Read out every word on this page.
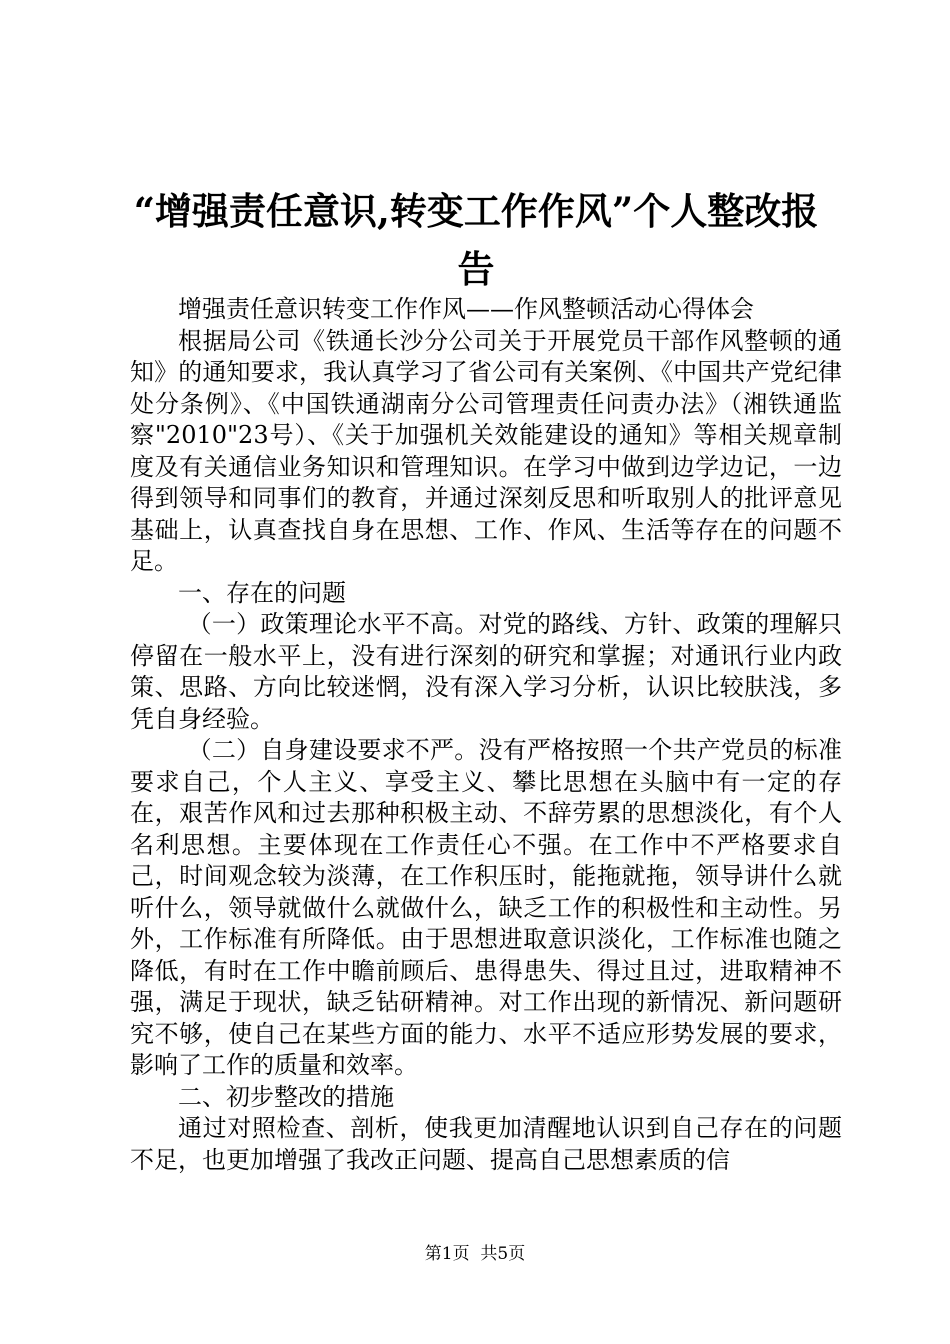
“增强责任意识,转变工作作风”个人整改报告

增强责任意识转变工作作风——作风整顿活动心得体会

根据局公司《铁通长沙分公司关于开展党员干部作风整顿的通知》的通知要求，我认真学习了省公司有关案例、《中国共产党纪律处分条例》、《中国铁通湖南分公司管理责任问责办法》（湘铁通监察"2010"23号）、《关于加强机关效能建设的通知》等相关规章制度及有关通信业务知识和管理知识。在学习中做到边学边记，一边得到领导和同事们的教育，并通过深刻反思和听取别人的批评意见基础上，认真查找自身在思想、工作、作风、生活等存在的问题不足。

一、存在的问题

（一）政策理论水平不高。对党的路线、方针、政策的理解只停留在一般水平上，没有进行深刻的研究和掌握；对通讯行业内政策、思路、方向比较迷惘，没有深入学习分析，认识比较肤浅，多凭自身经验。

（二）自身建设要求不严。没有严格按照一个共产党员的标准要求自己，个人主义、享受主义、攀比思想在头脑中有一定的存在，艰苦作风和过去那种积极主动、不辞劳累的思想淡化，有个人名利思想。主要体现在工作责任心不强。在工作中不严格要求自己，时间观念较为淡薄，在工作积压时，能拖就拖，领导讲什么就听什么，领导就做什么就做什么，缺乏工作的积极性和主动性。另外，工作标准有所降低。由于思想进取意识淡化，工作标准也随之降低，有时在工作中瞻前顾后、患得患失、得过且过，进取精神不强，满足于现状，缺乏钻研精神。对工作出现的新情况、新问题研究不够，使自己在某些方面的能力、水平不适应形势发展的要求，影响了工作的质量和效率。

二、初步整改的措施

通过对照检查、剖析，使我更加清醒地认识到自己存在的问题不足，也更加增强了我改正问题、提高自己思想素质的信

第1页 共5页
